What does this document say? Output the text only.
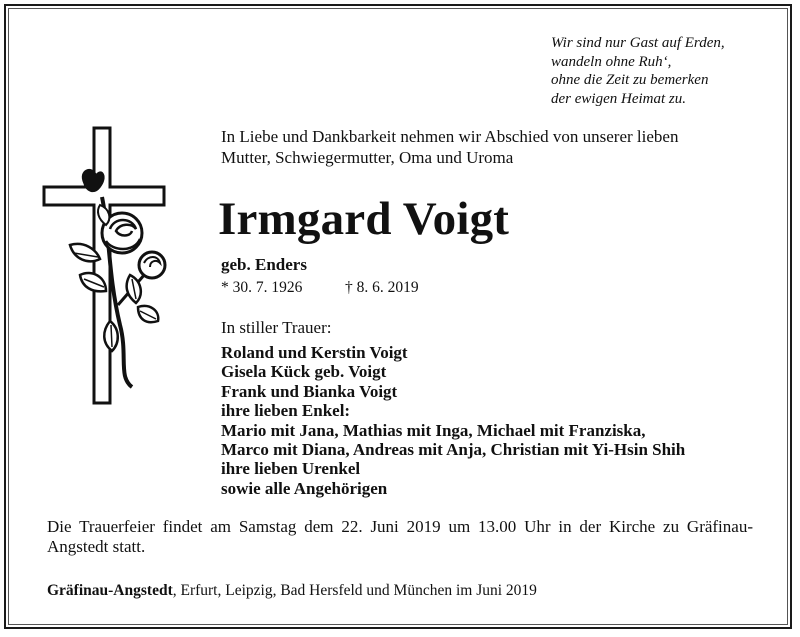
Wir sind nur Gast auf Erden,
wandeln ohne Ruh‘,
ohne die Zeit zu bemerken
der ewigen Heimat zu.
In Liebe und Dankbarkeit nehmen wir Abschied von unserer lieben
Mutter, Schwiegermutter, Oma und Uroma
Irmgard Voigt
geb. Enders
* 30. 7. 1926	† 8. 6. 2019
In stiller Trauer:
Roland und Kerstin Voigt
Gisela Kück geb. Voigt
Frank und Bianka Voigt
ihre lieben Enkel:
Mario mit Jana, Mathias mit Inga, Michael mit Franziska,
Marco mit Diana, Andreas mit Anja, Christian mit Yi-Hsin Shih
ihre lieben Urenkel
sowie alle Angehörigen
Die Trauerfeier findet am Samstag dem 22. Juni 2019 um 13.00 Uhr in der Kirche zu Gräfinau-Angstedt statt.
Gräfinau-Angstedt, Erfurt, Leipzig, Bad Hersfeld und München im Juni 2019
